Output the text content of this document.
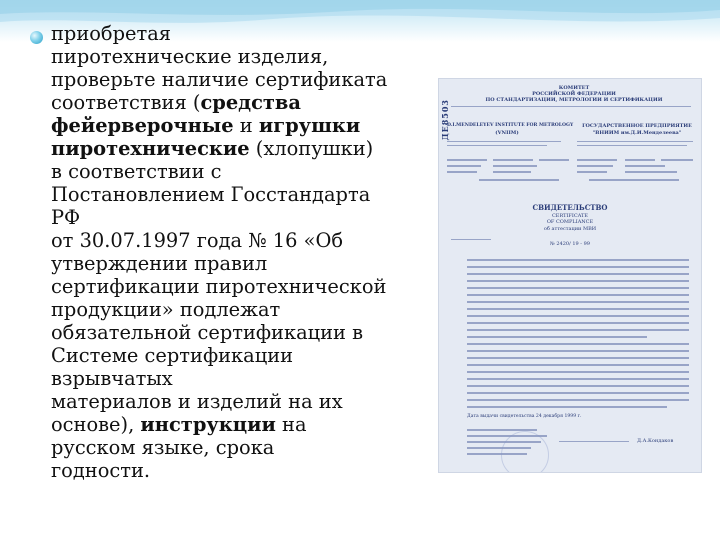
приобретая
пиротехнические изделия,
проверьте наличие сертификата
соответствия (средства
фейерверочные и игрушки
пиротехнические (хлопушки)
в соответствии с
Постановлением Госстандарта
РФ
от 30.07.1997 года № 16 «Об
утверждении правил
сертификации пиротехнической
продукции» подлежат
обязательной сертификации в
Системе сертификации
взрывчатых
материалов и изделий на их
основе), инструкции на
русском языке, срока
годности.
ДЕ8503
КОМИТЕТ
РОССИЙСКОЙ ФЕДЕРАЦИИ
ПО СТАНДАРТИЗАЦИИ, МЕТРОЛОГИИ И СЕРТИФИКАЦИИ
D.I.MENDELEYEV INSTITUTE FOR METROLOGY
(VNIIM)
ГОСУДАРСТВЕННОЕ ПРЕДПРИЯТИЕ
"ВНИИМ им.Д.И.Менделеева"
СВИДЕТЕЛЬСТВО
CERTIFICATE
OF COMPLIANCE
об аттестации МВИ
№ 2420/ 19 - 99
Дата выдачи свидетельства 24 декабря 1999 г.
Д.А.Кондаков
